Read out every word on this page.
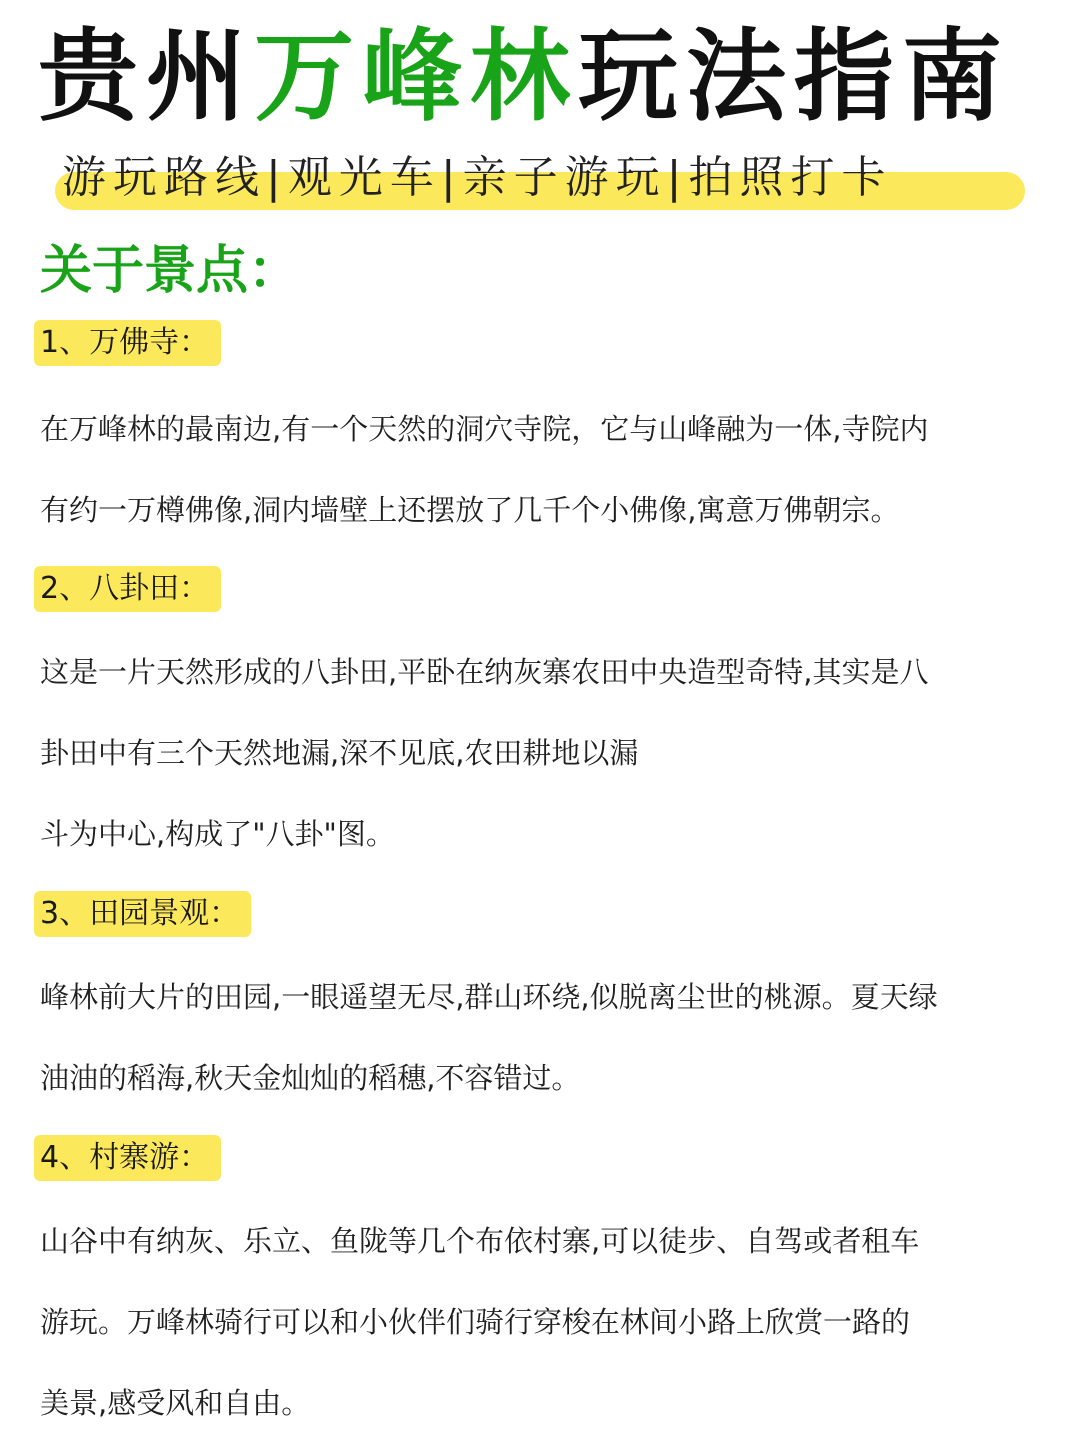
贵州万峰林玩法指南
游玩路线|观光车|亲子游玩|拍照打卡
关于景点：
1、万佛寺：
在万峰林的最南边,有一个天然的洞穴寺院，它与山峰融为一体,寺院内
有约一万樽佛像,洞内墙壁上还摆放了几千个小佛像,寓意万佛朝宗。
2、八卦田：
这是一片天然形成的八卦田,平卧在纳灰寨农田中央造型奇特,其实是八
卦田中有三个天然地漏,深不见底,农田耕地以漏
斗为中心,构成了"八卦"图。
3、田园景观：
峰林前大片的田园,一眼遥望无尽,群山环绕,似脱离尘世的桃源。夏天绿
油油的稻海,秋天金灿灿的稻穗,不容错过。
4、村寨游：
山谷中有纳灰、乐立、鱼陇等几个布依村寨,可以徒步、自驾或者租车
游玩。万峰林骑行可以和小伙伴们骑行穿梭在林间小路上欣赏一路的
美景,感受风和自由。
